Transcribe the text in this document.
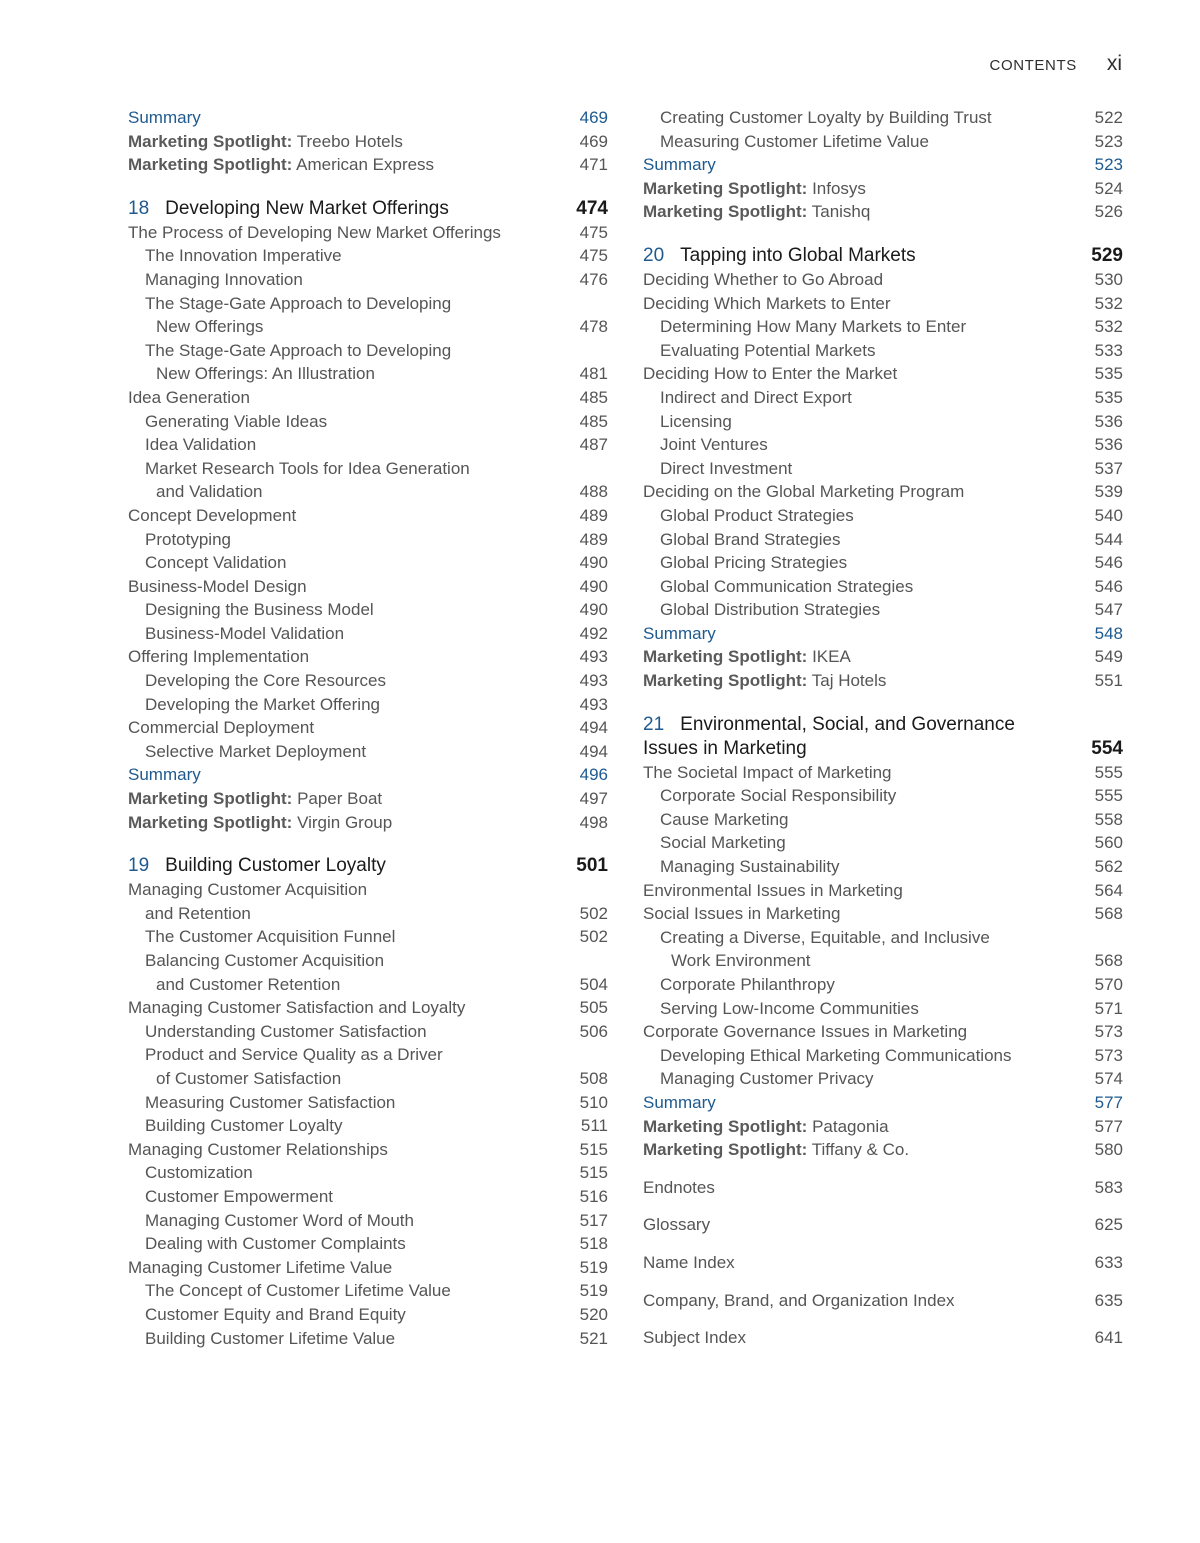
CONTENTS xi
Summary	469
Marketing Spotlight: Treebo Hotels	469
Marketing Spotlight: American Express	471
18 Developing New Market Offerings	474
The Process of Developing New Market Offerings	475
The Innovation Imperative	475
Managing Innovation	476
The Stage-Gate Approach to Developing
New Offerings	478
The Stage-Gate Approach to Developing
New Offerings: An Illustration	481
Idea Generation	485
Generating Viable Ideas	485
Idea Validation	487
Market Research Tools for Idea Generation
and Validation	488
Concept Development	489
Prototyping	489
Concept Validation	490
Business-Model Design	490
Designing the Business Model	490
Business-Model Validation	492
Offering Implementation	493
Developing the Core Resources	493
Developing the Market Offering	493
Commercial Deployment	494
Selective Market Deployment	494
Summary	496
Marketing Spotlight: Paper Boat	497
Marketing Spotlight: Virgin Group	498
19 Building Customer Loyalty	501
Managing Customer Acquisition
and Retention	502
The Customer Acquisition Funnel	502
Balancing Customer Acquisition
and Customer Retention	504
Managing Customer Satisfaction and Loyalty	505
Understanding Customer Satisfaction	506
Product and Service Quality as a Driver
of Customer Satisfaction	508
Measuring Customer Satisfaction	510
Building Customer Loyalty	511
Managing Customer Relationships	515
Customization	515
Customer Empowerment	516
Managing Customer Word of Mouth	517
Dealing with Customer Complaints	518
Managing Customer Lifetime Value	519
The Concept of Customer Lifetime Value	519
Customer Equity and Brand Equity	520
Building Customer Lifetime Value	521
Creating Customer Loyalty by Building Trust	522
Measuring Customer Lifetime Value	523
Summary	523
Marketing Spotlight: Infosys	524
Marketing Spotlight: Tanishq	526
20 Tapping into Global Markets	529
Deciding Whether to Go Abroad	530
Deciding Which Markets to Enter	532
Determining How Many Markets to Enter	532
Evaluating Potential Markets	533
Deciding How to Enter the Market	535
Indirect and Direct Export	535
Licensing	536
Joint Ventures	536
Direct Investment	537
Deciding on the Global Marketing Program	539
Global Product Strategies	540
Global Brand Strategies	544
Global Pricing Strategies	546
Global Communication Strategies	546
Global Distribution Strategies	547
Summary	548
Marketing Spotlight: IKEA	549
Marketing Spotlight: Taj Hotels	551
21 Environmental, Social, and Governance
Issues in Marketing	554
The Societal Impact of Marketing	555
Corporate Social Responsibility	555
Cause Marketing	558
Social Marketing	560
Managing Sustainability	562
Environmental Issues in Marketing	564
Social Issues in Marketing	568
Creating a Diverse, Equitable, and Inclusive
Work Environment	568
Corporate Philanthropy	570
Serving Low-Income Communities	571
Corporate Governance Issues in Marketing	573
Developing Ethical Marketing Communications	573
Managing Customer Privacy	574
Summary	577
Marketing Spotlight: Patagonia	577
Marketing Spotlight: Tiffany & Co.	580
Endnotes	583
Glossary	625
Name Index	633
Company, Brand, and Organization Index	635
Subject Index	641
